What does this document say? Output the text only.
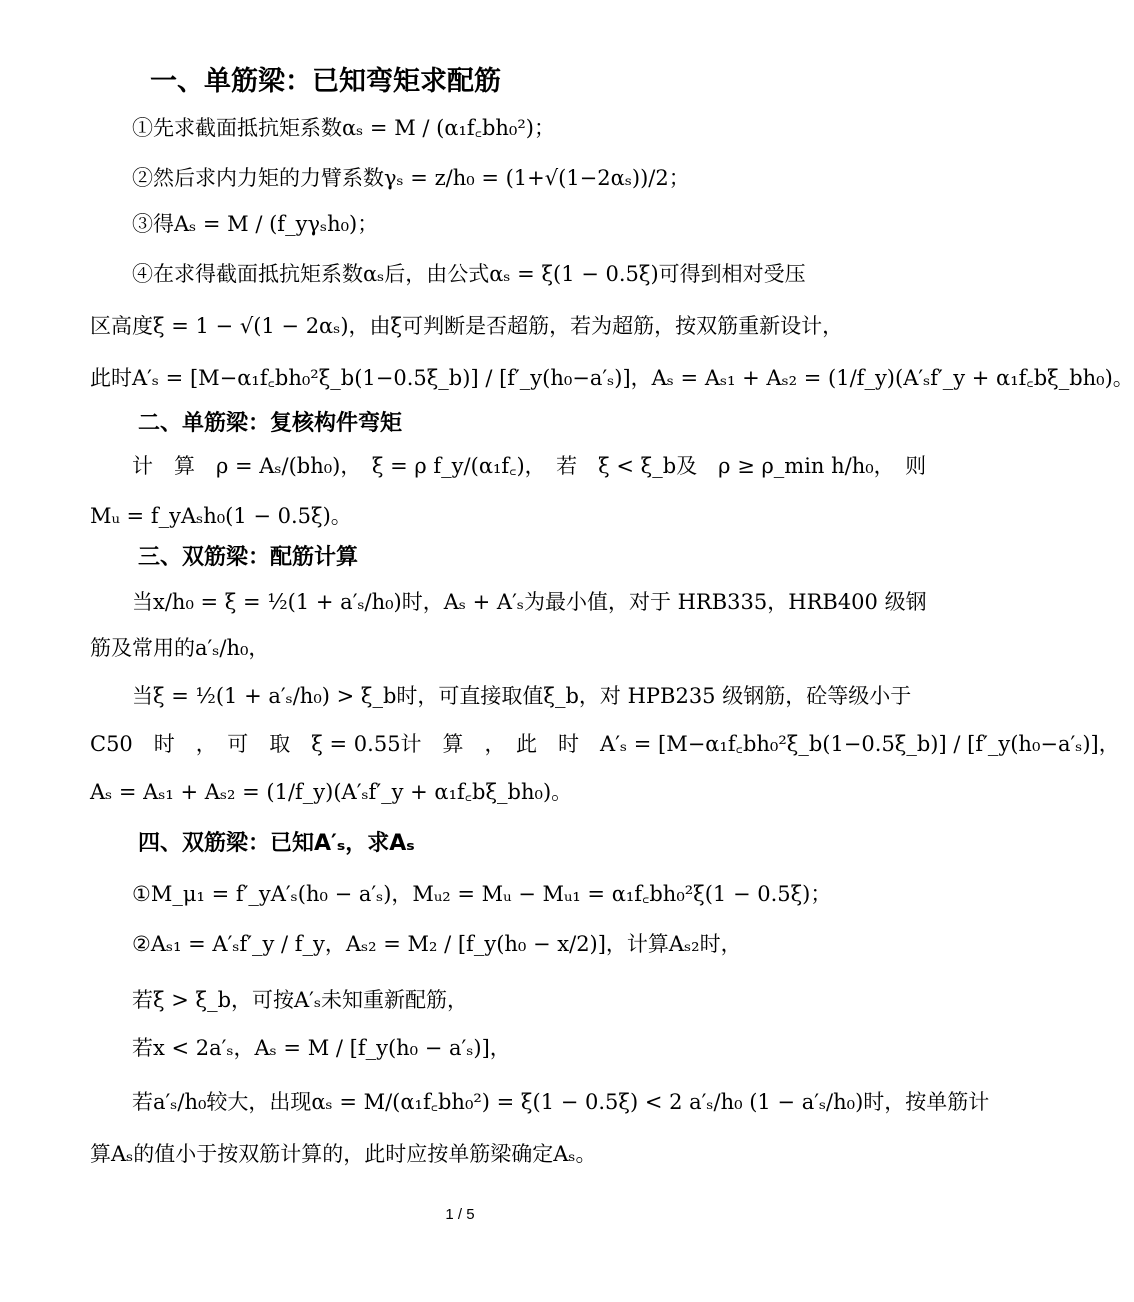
一、单筋梁：已知弯矩求配筋
①先求截面抵抗矩系数αₛ = M / (α₁f꜀bh₀²)；
②然后求内力矩的力臂系数γₛ = z/h₀ = (1+√(1−2αₛ))/2；
③得Aₛ = M / (f_yγₛh₀)；
④在求得截面抵抗矩系数αₛ后，由公式αₛ = ξ(1 − 0.5ξ)可得到相对受压
区高度ξ = 1 − √(1 − 2αₛ)，由ξ可判断是否超筋，若为超筋，按双筋重新设计，
此时A′ₛ = [M−α₁f꜀bh₀²ξ_b(1−0.5ξ_b)] / [f′_y(h₀−a′ₛ)]，Aₛ = Aₛ₁ + Aₛ₂ = (1/f_y)(A′ₛf′_y + α₁f꜀bξ_bh₀)。
二、单筋梁：复核构件弯矩
计　算　ρ = Aₛ/(bh₀)，　ξ = ρ f_y/(α₁f꜀)，　若　ξ < ξ_b及　ρ ≥ ρ_min h/h₀，　则
Mᵤ = f_yAₛh₀(1 − 0.5ξ)。
三、双筋梁：配筋计算
当x/h₀ = ξ = ½(1 + a′ₛ/h₀)时，Aₛ + A′ₛ为最小值，对于 HRB335，HRB400 级钢
筋及常用的a′ₛ/h₀，
当ξ = ½(1 + a′ₛ/h₀) > ξ_b时，可直接取值ξ_b，对 HPB235 级钢筋，砼等级小于
C50　时　，　可　取　ξ = 0.55计　算　，　此　时　A′ₛ = [M−α₁f꜀bh₀²ξ_b(1−0.5ξ_b)] / [f′_y(h₀−a′ₛ)]，
Aₛ = Aₛ₁ + Aₛ₂ = (1/f_y)(A′ₛf′_y + α₁f꜀bξ_bh₀)。
四、双筋梁：已知A′ₛ，求Aₛ
①M_μ₁ = f′_yA′ₛ(h₀ − a′ₛ)，Mᵤ₂ = Mᵤ − Mᵤ₁ = α₁f꜀bh₀²ξ(1 − 0.5ξ)；
②Aₛ₁ = A′ₛf′_y / f_y，Aₛ₂ = M₂ / [f_y(h₀ − x/2)]，计算Aₛ₂时，
若ξ > ξ_b，可按A′ₛ未知重新配筋，
若x < 2a′ₛ，Aₛ = M / [f_y(h₀ − a′ₛ)]，
若a′ₛ/h₀较大，出现αₛ = M/(α₁f꜀bh₀²) = ξ(1 − 0.5ξ) < 2 a′ₛ/h₀ (1 − a′ₛ/h₀)时，按单筋计
算Aₛ的值小于按双筋计算的，此时应按单筋梁确定Aₛ。
1 / 5
